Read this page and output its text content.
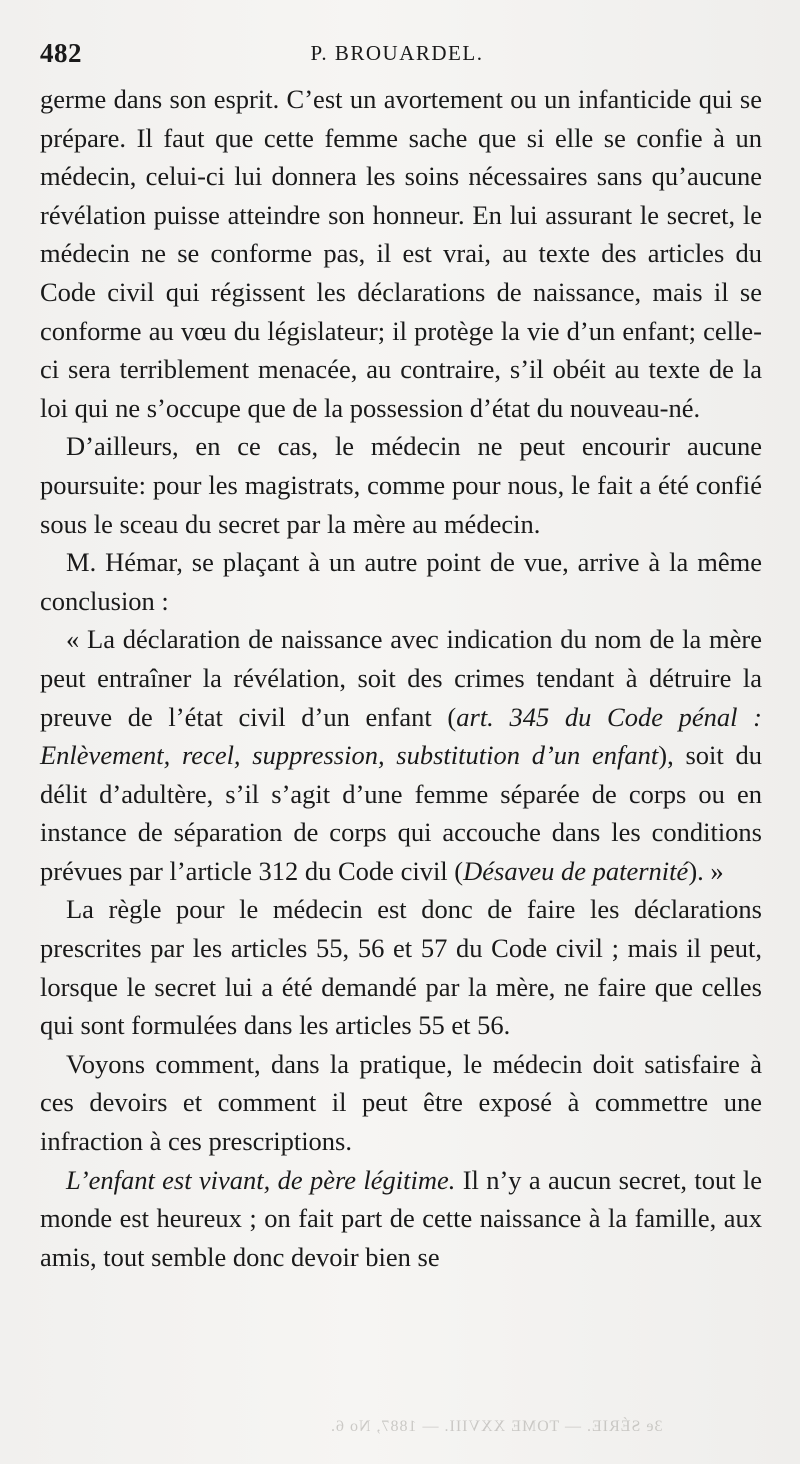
482	P. BROUARDEL.

germe dans son esprit. C’est un avortement ou un infanticide qui se prépare. Il faut que cette femme sache que si elle se confie à un médecin, celui-ci lui donnera les soins nécessaires sans qu’aucune révélation puisse atteindre son honneur. En lui assurant le secret, le médecin ne se conforme pas, il est vrai, au texte des articles du Code civil qui régissent les déclarations de naissance, mais il se conforme au vœu du législateur; il protège la vie d’un enfant; celle-ci sera terriblement menacée, au contraire, s’il obéit au texte de la loi qui ne s’occupe que de la possession d’état du nouveau-né.

D’ailleurs, en ce cas, le médecin ne peut encourir aucune poursuite: pour les magistrats, comme pour nous, le fait a été confié sous le sceau du secret par la mère au médecin.

M. Hémar, se plaçant à un autre point de vue, arrive à la même conclusion :

« La déclaration de naissance avec indication du nom de la mère peut entraîner la révélation, soit des crimes tendant à détruire la preuve de l’état civil d’un enfant (art. 345 du Code pénal : Enlèvement, recel, suppression, substitution d’un enfant), soit du délit d’adultère, s’il s’agit d’une femme séparée de corps ou en instance de séparation de corps qui accouche dans les conditions prévues par l’article 312 du Code civil (Désaveu de paternité). »

La règle pour le médecin est donc de faire les déclarations prescrites par les articles 55, 56 et 57 du Code civil ; mais il peut, lorsque le secret lui a été demandé par la mère, ne faire que celles qui sont formulées dans les articles 55 et 56.

Voyons comment, dans la pratique, le médecin doit satisfaire à ces devoirs et comment il peut être exposé à commettre une infraction à ces prescriptions.

L’enfant est vivant, de père légitime. Il n’y a aucun secret, tout le monde est heureux ; on fait part de cette naissance à la famille, aux amis, tout semble donc devoir bien se

3e SÉRIE. — TOME XXVIII. — 1887, No 6.
